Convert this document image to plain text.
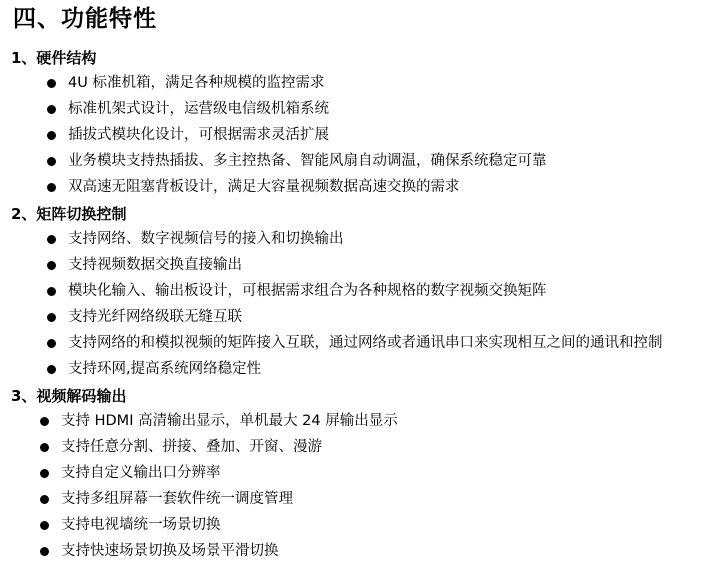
四、功能特性
1、硬件结构
4U 标准机箱，满足各种规模的监控需求
标准机架式设计，运营级电信级机箱系统
插拔式模块化设计，可根据需求灵活扩展
业务模块支持热插拔、多主控热备、智能风扇自动调温，确保系统稳定可靠
双高速无阻塞背板设计，满足大容量视频数据高速交换的需求
2、矩阵切换控制
支持网络、数字视频信号的接入和切换输出
支持视频数据交换直接输出
模块化输入、输出板设计，可根据需求组合为各种规格的数字视频交换矩阵
支持光纤网络级联无缝互联
支持网络的和模拟视频的矩阵接入互联，通过网络或者通讯串口来实现相互之间的通讯和控制
支持环网,提高系统网络稳定性
3、视频解码输出
支持 HDMI 高清输出显示，单机最大 24 屏输出显示
支持任意分割、拼接、叠加、开窗、漫游
支持自定义输出口分辨率
支持多组屏幕一套软件统一调度管理
支持电视墙统一场景切换
支持快速场景切换及场景平滑切换
